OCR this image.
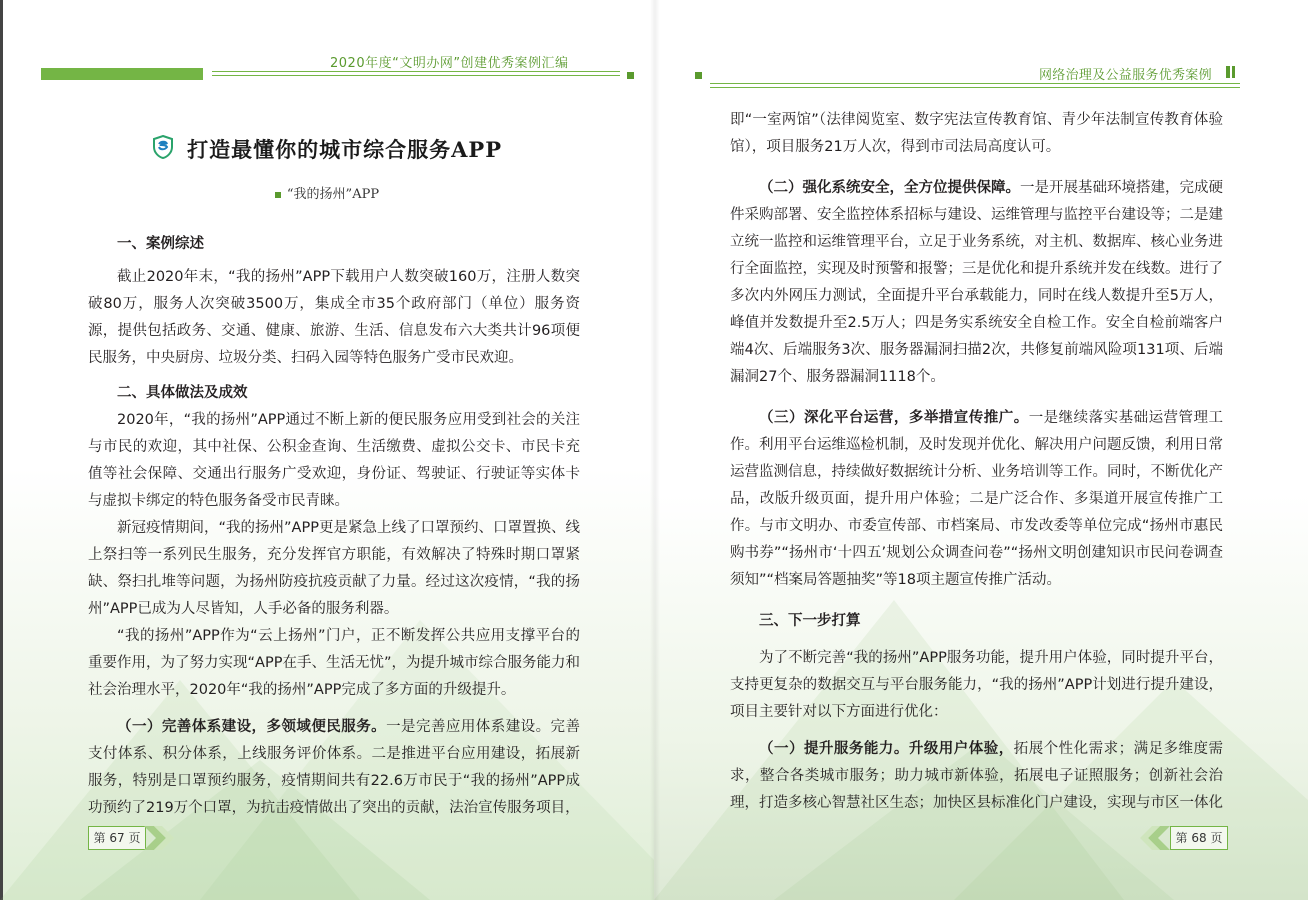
2020年度“文明办网”创建优秀案例汇编
打造最懂你的城市综合服务APP
“我的扬州”APP

一、案例综述

截止2020年末，“我的扬州”APP下载用户人数突破160万，注册人数突破80万，服务人次突破3500万，集成全市35个政府部门（单位）服务资源，提供包括政务、交通、健康、旅游、生活、信息发布六大类共计96项便民服务，中央厨房、垃圾分类、扫码入园等特色服务广受市民欢迎。

二、具体做法及成效

2020年，“我的扬州”APP通过不断上新的便民服务应用受到社会的关注与市民的欢迎，其中社保、公积金查询、生活缴费、虚拟公交卡、市民卡充值等社会保障、交通出行服务广受欢迎，身份证、驾驶证、行驶证等实体卡与虚拟卡绑定的特色服务备受市民青睐。

新冠疫情期间，“我的扬州”APP更是紧急上线了口罩预约、口罩置换、线上祭扫等一系列民生服务，充分发挥官方职能，有效解决了特殊时期口罩紧缺、祭扫扎堆等问题，为扬州防疫抗疫贡献了力量。经过这次疫情，“我的扬州”APP已成为人尽皆知，人手必备的服务利器。

“我的扬州”APP作为“云上扬州”门户，正不断发挥公共应用支撑平台的重要作用，为了努力实现“APP在手、生活无忧”，为提升城市综合服务能力和社会治理水平，2020年“我的扬州”APP完成了多方面的升级提升。

（一）完善体系建设，多领域便民服务。一是完善应用体系建设。完善支付体系、积分体系，上线服务评价体系。二是推进平台应用建设，拓展新服务，特别是口罩预约服务，疫情期间共有22.6万市民于“我的扬州”APP成功预约了219万个口罩，为抗击疫情做出了突出的贡献，法治宣传服务项目，

第 67 页
网络治理及公益服务优秀案例

即“一室两馆”（法律阅览室、数字宪法宣传教育馆、青少年法制宣传教育体验馆），项目服务21万人次，得到市司法局高度认可。

（二）强化系统安全，全方位提供保障。一是开展基础环境搭建，完成硬件采购部署、安全监控体系招标与建设、运维管理与监控平台建设等；二是建立统一监控和运维管理平台，立足于业务系统，对主机、数据库、核心业务进行全面监控，实现及时预警和报警；三是优化和提升系统并发在线数。进行了多次内外网压力测试，全面提升平台承载能力，同时在线人数提升至5万人，峰值并发数提升至2.5万人；四是务实系统安全自检工作。安全自检前端客户端4次、后端服务3次、服务器漏洞扫描2次，共修复前端风险项131项、后端漏洞27个、服务器漏洞1118个。

（三）深化平台运营，多举措宣传推广。一是继续落实基础运营管理工作。利用平台运维巡检机制，及时发现并优化、解决用户问题反馈，利用日常运营监测信息，持续做好数据统计分析、业务培训等工作。同时，不断优化产品，改版升级页面，提升用户体验；二是广泛合作、多渠道开展宣传推广工作。与市文明办、市委宣传部、市档案局、市发改委等单位完成“扬州市惠民购书券”“扬州市‘十四五’规划公众调查问卷”“扬州文明创建知识市民问卷调查须知”“档案局答题抽奖”等18项主题宣传推广活动。

三、下一步打算

为了不断完善“我的扬州”APP服务功能，提升用户体验，同时提升平台，支持更复杂的数据交互与平台服务能力，“我的扬州”APP计划进行提升建设，项目主要针对以下方面进行优化：

（一）提升服务能力。升级用户体验，拓展个性化需求；满足多维度需求，整合各类城市服务；助力城市新体验，拓展电子证照服务；创新社会治理，打造多核心智慧社区生态；加快区县标准化门户建设，实现与市区一体化

第 68 页
